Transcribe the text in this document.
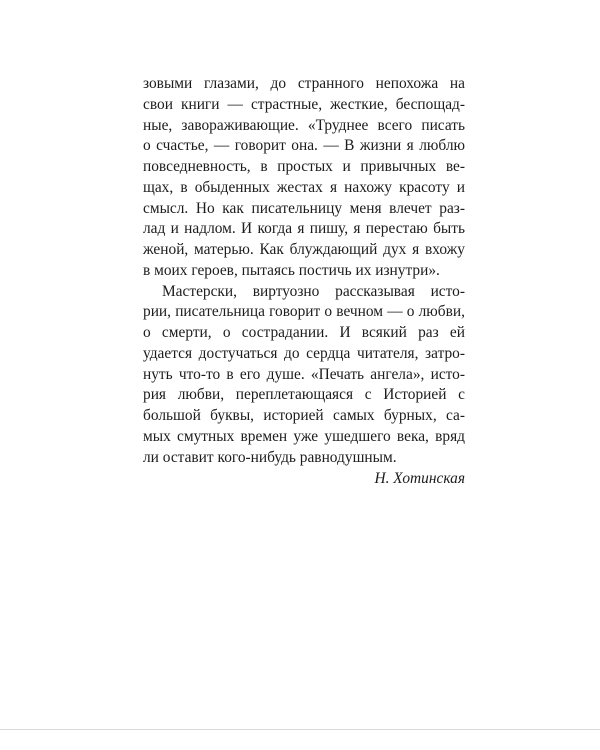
зовыми глазами, до странного непохожа на
свои книги — страстные, жесткие, беспощад-
ные, завораживающие. «Труднее всего писать
о счастье, — говорит она. — В жизни я люблю
повседневность, в простых и привычных ве-
щах, в обыденных жестах я нахожу красоту и
смысл. Но как писательницу меня влечет раз-
лад и надлом. И когда я пишу, я перестаю быть
женой, матерью. Как блуждающий дух я вхожу
в моих героев, пытаясь постичь их изнутри».
Мастерски, виртуозно рассказывая исто-
рии, писательница говорит о вечном — о любви,
о смерти, о сострадании. И всякий раз ей
удается достучаться до сердца читателя, затро-
нуть что-то в его душе. «Печать ангела», исто-
рия любви, переплетающаяся с Историей с
большой буквы, историей самых бурных, са-
мых смутных времен уже ушедшего века, вряд
ли оставит кого-нибудь равнодушным.
Н. Хотинская
